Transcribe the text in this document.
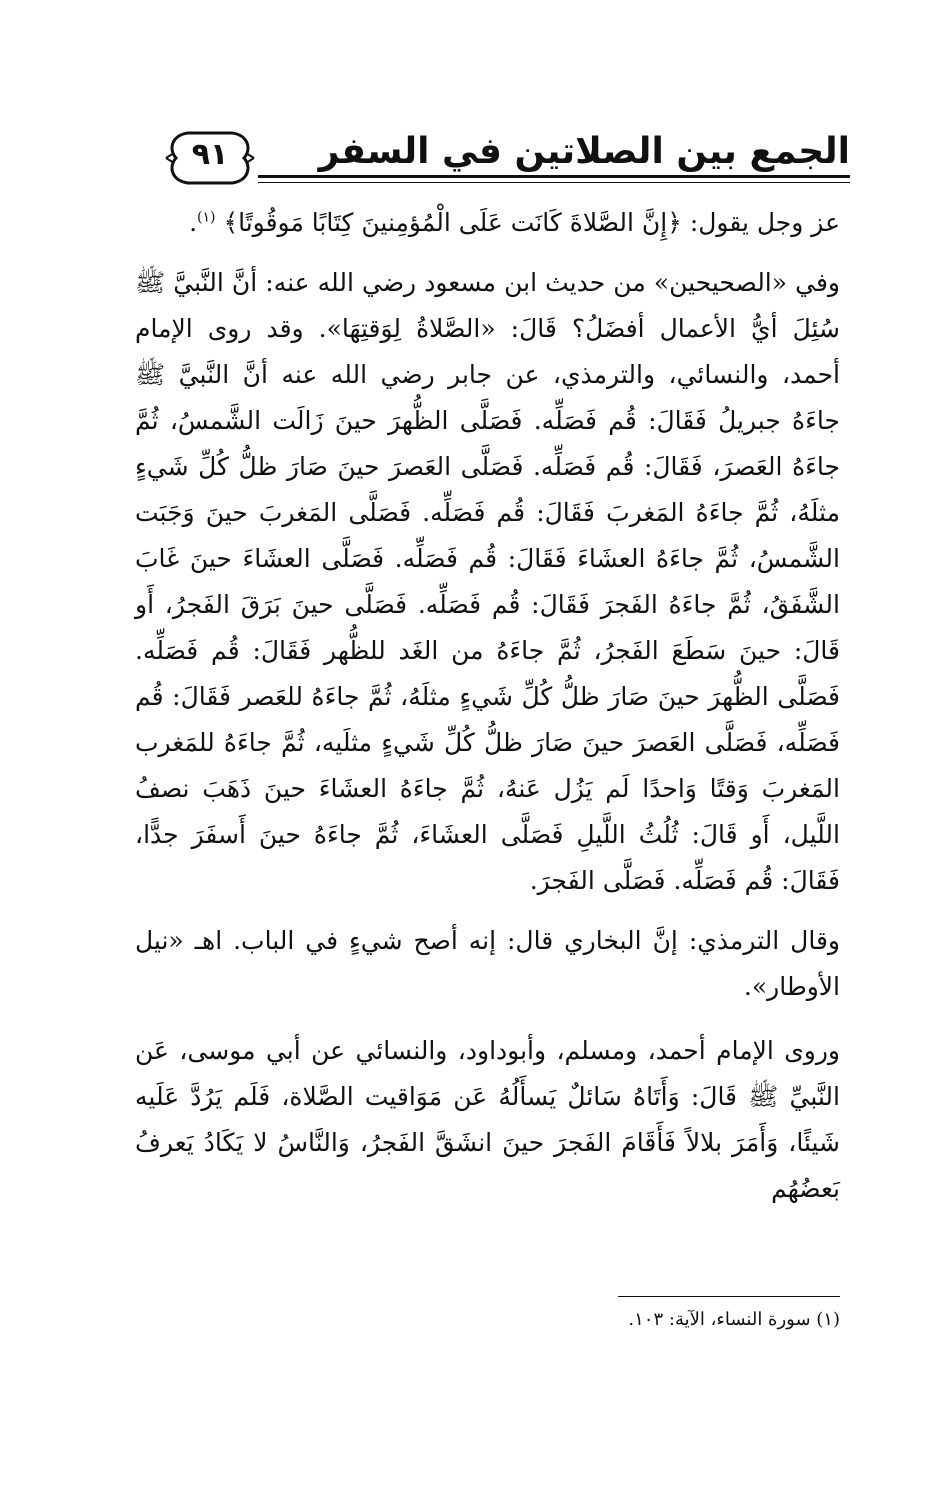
٩١	الجمع بين الصلاتين في السفر

عز وجل يقول: ﴿إِنَّ الصَّلاةَ كَانَت عَلَى الْمُؤمِنينَ كِتَابًا مَوقُوتًا﴾ $^{(١)}$.

وفي «الصحيحين» من حديث ابن مسعود رضي الله عنه: أنَّ النَّبيَّ ﷺ سُئِلَ أيُّ الأعمال أفضَلُ؟ قَالَ: «الصَّلاةُ لِوَقتِهَا». وقد روى الإمام أحمد، والنسائي، والترمذي، عن جابر رضي الله عنه أنَّ النَّبيَّ ﷺ جاءَهُ جبريلُ فَقَالَ: قُم فَصَلِّه. فَصَلَّى الظُّهرَ حينَ زَالَت الشَّمسُ، ثُمَّ جاءَهُ العَصرَ، فَقَالَ: قُم فَصَلِّه. فَصَلَّى العَصرَ حينَ صَارَ ظلُّ كُلِّ شَيءٍ مثلَهُ، ثُمَّ جاءَهُ المَغربَ فَقَالَ: قُم فَصَلِّه. فَصَلَّى المَغربَ حينَ وَجَبَت الشَّمسُ، ثُمَّ جاءَهُ العشَاءَ فَقَالَ: قُم فَصَلِّه. فَصَلَّى العشَاءَ حينَ غَابَ الشَّفَقُ، ثُمَّ جاءَهُ الفَجرَ فَقَالَ: قُم فَصَلِّه. فَصَلَّى حينَ بَرَقَ الفَجرُ، أَو قَالَ: حينَ سَطَعَ الفَجرُ، ثُمَّ جاءَهُ من الغَد للظُّهر فَقَالَ: قُم فَصَلِّه. فَصَلَّى الظُّهرَ حينَ صَارَ ظلُّ كُلِّ شَيءٍ مثلَهُ، ثُمَّ جاءَهُ للعَصر فَقَالَ: قُم فَصَلِّه، فَصَلَّى العَصرَ حينَ صَارَ ظلُّ كُلِّ شَيءٍ مثلَيه، ثُمَّ جاءَهُ للمَغرب المَغربَ وَقتًا وَاحدًا لَم يَزُل عَنهُ، ثُمَّ جاءَهُ العشَاءَ حينَ ذَهَبَ نصفُ اللَّيل، أَو قَالَ: ثُلُثُ اللَّيلِ فَصَلَّى العشَاءَ، ثُمَّ جاءَهُ حينَ أَسفَرَ جدًّا، فَقَالَ: قُم فَصَلِّه. فَصَلَّى الفَجرَ.

وقال الترمذي: إنَّ البخاري قال: إنه أصح شيءٍ في الباب. اهـ «نيل الأوطار».

وروى الإمام أحمد، ومسلم، وأبوداود، والنسائي عن أبي موسى، عَن النَّبيِّ ﷺ قَالَ: وَأَتَاهُ سَائلٌ يَسأَلُهُ عَن مَوَاقيت الصَّلاة، فَلَم يَرُدَّ عَلَيه شَيئًا، وَأَمَرَ بلالاً فَأَقَامَ الفَجرَ حينَ انشَقَّ الفَجرُ، وَالنَّاسُ لا يَكَادُ يَعرفُ بَعضُهُم

(١) سورة النساء، الآية: ١٠٣.
